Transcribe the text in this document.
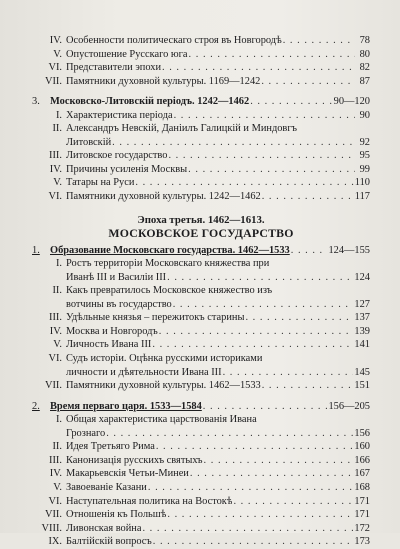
IV. Особенности политическаго строя въ Новгородѣ . . .	78
V. Опустошение Русскаго юга . . .	80
VI. Представители эпохи . . .	82
VII. Памятники духовной культуры. 1169—1242 . . .	87
3. Московско-Литовскій періодъ. 1242—1462 . . .	90—120
I. Характеристика періода . . .	90
II. Александръ Невскій, Даніилъ Галицкій и Миндовгъ
Литовскій . . .	92
III. Литовское государство . . .	95
IV. Причины усиленія Москвы . . .	99
V. Татары на Руси . . .	110
VI. Памятники духовной культуры. 1242—1462 . . .	117
Эпоха третья. 1462—1613.
МОСКОВСКОЕ ГОСУДАРСТВО
1. Образование Московскаго государства. 1462—1533 . . .	124—155
I. Ростъ территоріи Московскаго княжества при
Иванѣ III и Василіи III . . .	124
II. Какъ превратилось Московское княжество изъ
вотчины въ государство . . .	127
III. Удѣльные князья – пережитокъ старины . . .	137
IV. Москва и Новгородъ . . .	139
V. Личность Ивана III . . .	141
VI. Судъ исторіи. Оцѣнка русскими историками
личности и дѣятельности Ивана III . . .	145
VII. Памятники духовной культуры. 1462—1533 . . .	151
2. Время перваго царя. 1533—1584 . . .	156—205
I. Общая характеристика царствованія Ивана
Грознаго . . .	156
II. Идея Третьяго Рима . . .	160
III. Канонизація русскихъ святыхъ . . .	166
IV. Макарьевскія Четьи-Минеи . . .	167
V. Завоеваніе Казани . . .	168
VI. Наступательная политика на Востокѣ . . .	171
VII. Отношенія къ Польшѣ . . .	171
VIII. Ливонская война . . .	172
IX. Балтійскій вопросъ . . .	173
